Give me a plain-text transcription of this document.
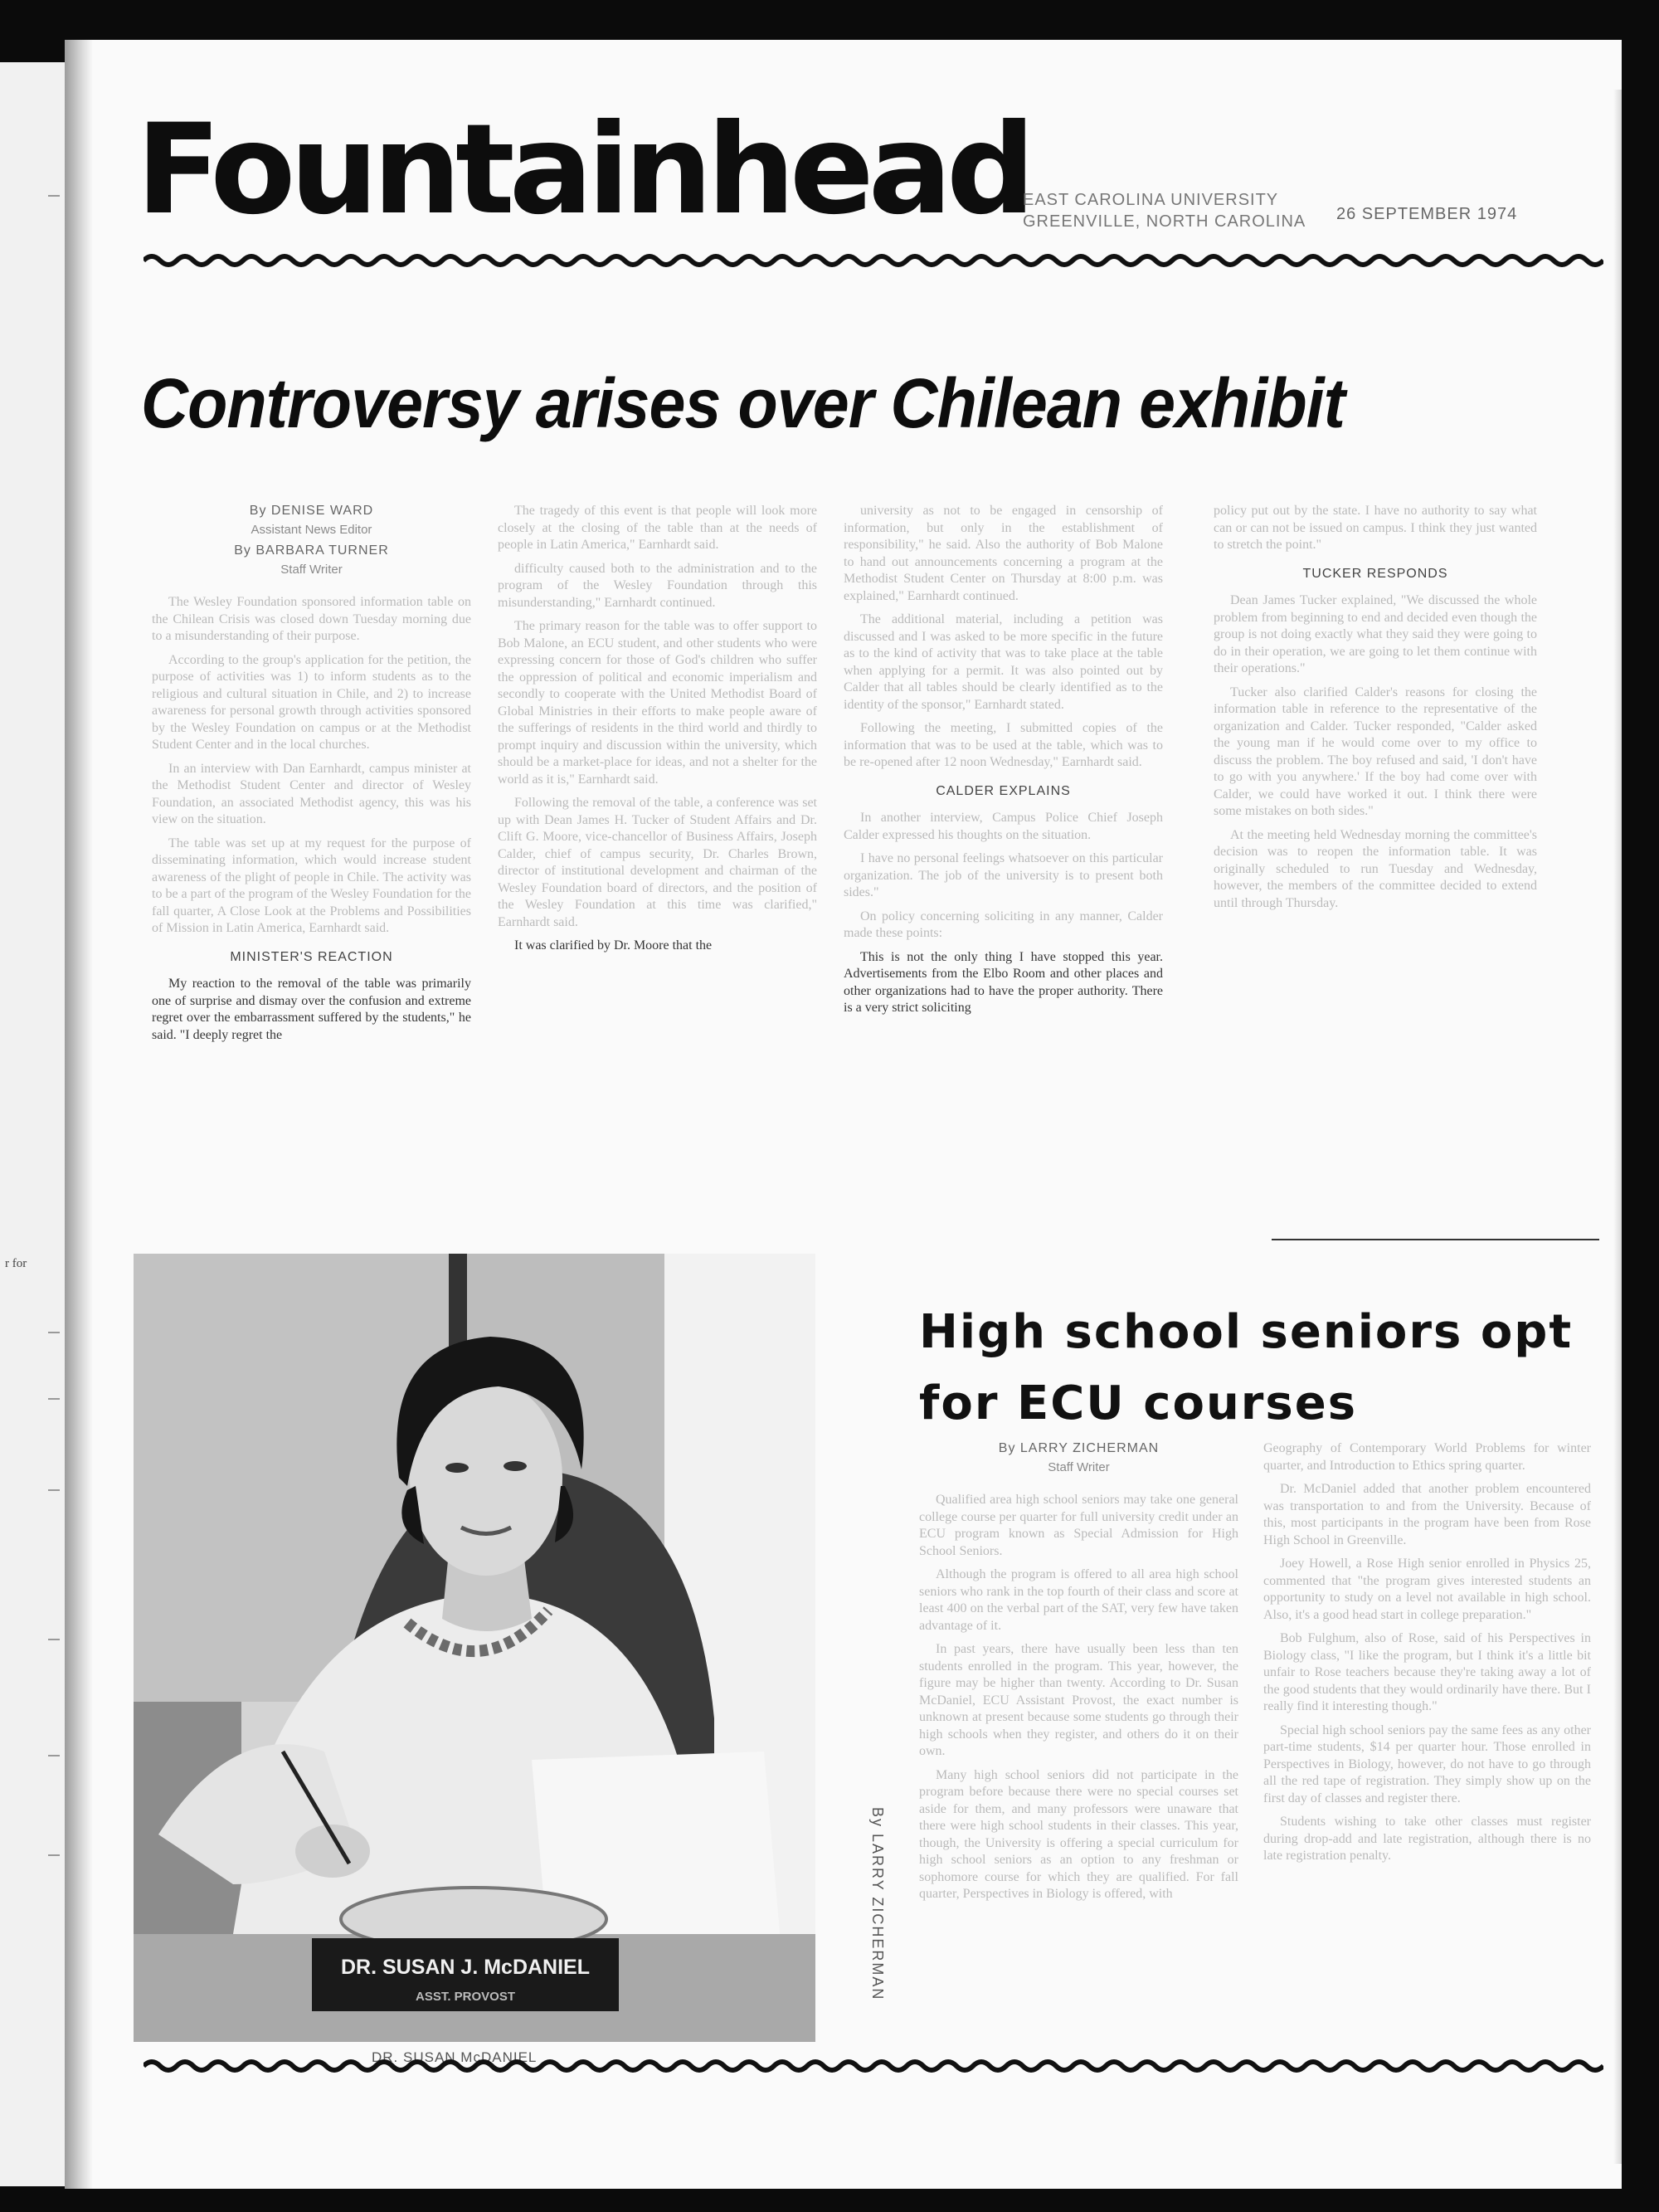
r for
Fountainhead
EAST CAROLINA UNIVERSITY
GREENVILLE, NORTH CAROLINA 26 SEPTEMBER 1974
Controversy arises over Chilean exhibit

By DENISE WARD

Assistant News Editor

By BARBARA TURNER

Staff Writer

The Wesley Foundation sponsored information table on the Chilean Crisis was closed down Tuesday morning due to a misunderstanding of their purpose.

According to the group's application for the petition, the purpose of activities was 1) to inform students as to the religious and cultural situation in Chile, and 2) to increase awareness for personal growth through activities sponsored by the Wesley Foundation on campus or at the Methodist Student Center and in the local churches.

In an interview with Dan Earnhardt, campus minister at the Methodist Student Center and director of Wesley Foundation, an associated Methodist agency, this was his view on the situation.

The table was set up at my request for the purpose of disseminating information, which would increase student awareness of the plight of people in Chile. The activity was to be a part of the program of the Wesley Foundation for the fall quarter, A Close Look at the Problems and Possibilities of Mission in Latin America, Earnhardt said.

MINISTER'S REACTION

My reaction to the removal of the table was primarily one of surprise and dismay over the confusion and extreme regret over the embarrassment suffered by the students," he said. "I deeply regret the

The tragedy of this event is that people will look more closely at the closing of the table than at the needs of people in Latin America," Earnhardt said.

difficulty caused both to the administration and to the program of the Wesley Foundation through this misunderstanding," Earnhardt continued.

The primary reason for the table was to offer support to Bob Malone, an ECU student, and other students who were expressing concern for those of God's children who suffer the oppression of political and economic imperialism and secondly to cooperate with the United Methodist Board of Global Ministries in their efforts to make people aware of the sufferings of residents in the third world and thirdly to prompt inquiry and discussion within the university, which should be a market-place for ideas, and not a shelter for the world as it is," Earnhardt said.

Following the removal of the table, a conference was set up with Dean James H. Tucker of Student Affairs and Dr. Clift G. Moore, vice-chancellor of Business Affairs, Joseph Calder, chief of campus security, Dr. Charles Brown, director of institutional development and chairman of the Wesley Foundation board of directors, and the position of the Wesley Foundation at this time was clarified," Earnhardt said.

It was clarified by Dr. Moore that the

university as not to be engaged in censorship of information, but only in the establishment of responsibility," he said. Also the authority of Bob Malone to hand out announcements concerning a program at the Methodist Student Center on Thursday at 8:00 p.m. was explained," Earnhardt continued.

The additional material, including a petition was discussed and I was asked to be more specific in the future as to the kind of activity that was to take place at the table when applying for a permit. It was also pointed out by Calder that all tables should be clearly identified as to the identity of the sponsor," Earnhardt stated.

Following the meeting, I submitted copies of the information that was to be used at the table, which was to be re-opened after 12 noon Wednesday," Earnhardt said.

CALDER EXPLAINS

In another interview, Campus Police Chief Joseph Calder expressed his thoughts on the situation.

I have no personal feelings whatsoever on this particular organization. The job of the university is to present both sides."

On policy concerning soliciting in any manner, Calder made these points:

This is not the only thing I have stopped this year. Advertisements from the Elbo Room and other places and other organizations had to have the proper authority. There is a very strict soliciting

policy put out by the state. I have no authority to say what can or can not be issued on campus. I think they just wanted to stretch the point."

TUCKER RESPONDS

Dean James Tucker explained, "We discussed the whole problem from beginning to end and decided even though the group is not doing exactly what they said they were going to do in their operation, we are going to let them continue with their operations."

Tucker also clarified Calder's reasons for closing the information table in reference to the representative of the organization and Calder. Tucker responded, "Calder asked the young man if he would come over to my office to discuss the problem. The boy refused and said, 'I don't have to go with you anywhere.' If the boy had come over with Calder, we could have worked it out. I think there were some mistakes on both sides."

At the meeting held Wednesday morning the committee's decision was to reopen the information table. It was originally scheduled to run Tuesday and Wednesday, however, the members of the committee decided to extend until through Thursday.

High school seniors opt
for ECU courses

By LARRY ZICHERMAN

Staff Writer

Qualified area high school seniors may take one general college course per quarter for full university credit under an ECU program known as Special Admission for High School Seniors.

Although the program is offered to all area high school seniors who rank in the top fourth of their class and score at least 400 on the verbal part of the SAT, very few have taken advantage of it.

In past years, there have usually been less than ten students enrolled in the program. This year, however, the figure may be higher than twenty. According to Dr. Susan McDaniel, ECU Assistant Provost, the exact number is unknown at present because some students go through their high schools when they register, and others do it on their own.

Many high school seniors did not participate in the program before because there were no special courses set aside for them, and many professors were unaware that there were high school students in their classes. This year, though, the University is offering a special curriculum for high school seniors as an option to any freshman or sophomore course for which they are qualified. For fall quarter, Perspectives in Biology is offered, with

Geography of Contemporary World Problems for winter quarter, and Introduction to Ethics spring quarter.

Dr. McDaniel added that another problem encountered was transportation to and from the University. Because of this, most participants in the program have been from Rose High School in Greenville.

Joey Howell, a Rose High senior enrolled in Physics 25, commented that "the program gives interested students an opportunity to study on a level not available in high school. Also, it's a good head start in college preparation."

Bob Fulghum, also of Rose, said of his Perspectives in Biology class, "I like the program, but I think it's a little bit unfair to Rose teachers because they're taking away a lot of the good students that they would ordinarily have there. But I really find it interesting though."

Special high school seniors pay the same fees as any other part-time students, $14 per quarter hour. Those enrolled in Perspectives in Biology, however, do not have to go through all the red tape of registration. They simply show up on the first day of classes and register there.

Students wishing to take other classes must register during drop-add and late registration, although there is no late registration penalty.

DR. SUSAN J. McDANIEL
ASST. PROVOST	By LARRY ZICHERMAN
DR. SUSAN McDANIEL
